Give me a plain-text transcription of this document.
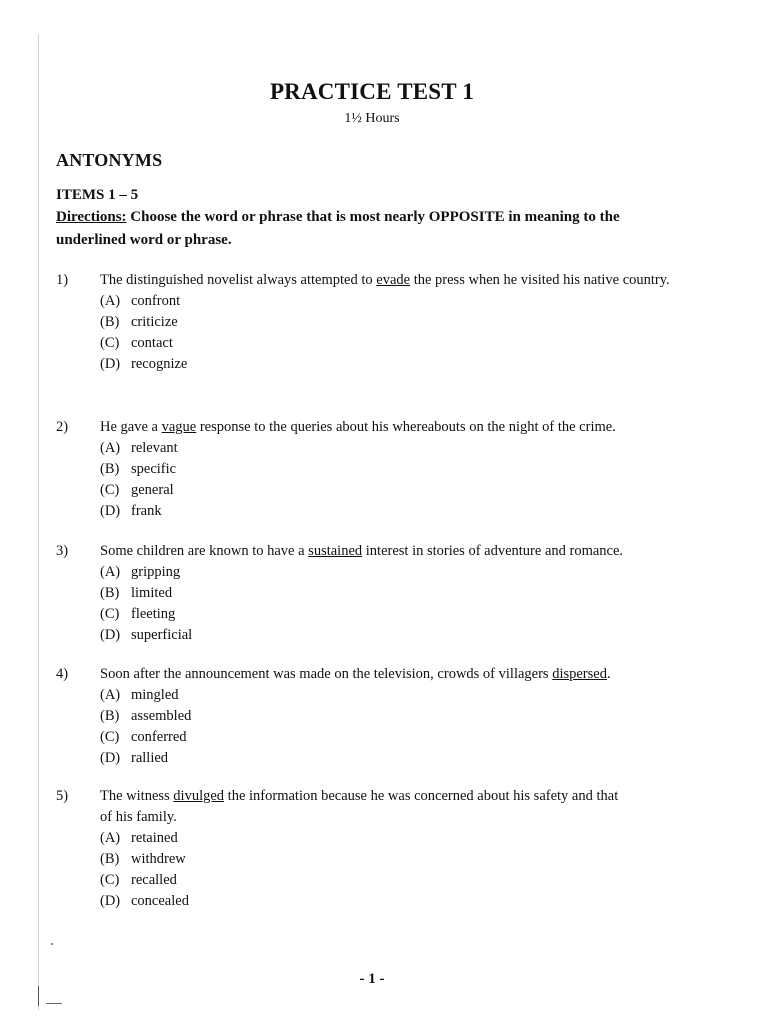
PRACTICE TEST 1
1½ Hours
ANTONYMS
ITEMS 1 – 5
Directions: Choose the word or phrase that is most nearly OPPOSITE in meaning to the underlined word or phrase.
1)	The distinguished novelist always attempted to evade the press when he visited his native country.
(A) confront
(B) criticize
(C) contact
(D) recognize
2)	He gave a vague response to the queries about his whereabouts on the night of the crime.
(A) relevant
(B) specific
(C) general
(D) frank
3)	Some children are known to have a sustained interest in stories of adventure and romance.
(A) gripping
(B) limited
(C) fleeting
(D) superficial
4)	Soon after the announcement was made on the television, crowds of villagers dispersed.
(A) mingled
(B) assembled
(C) conferred
(D) rallied
5)	The witness divulged the information because he was concerned about his safety and that of his family.
(A) retained
(B) withdrew
(C) recalled
(D) concealed
- 1 -
